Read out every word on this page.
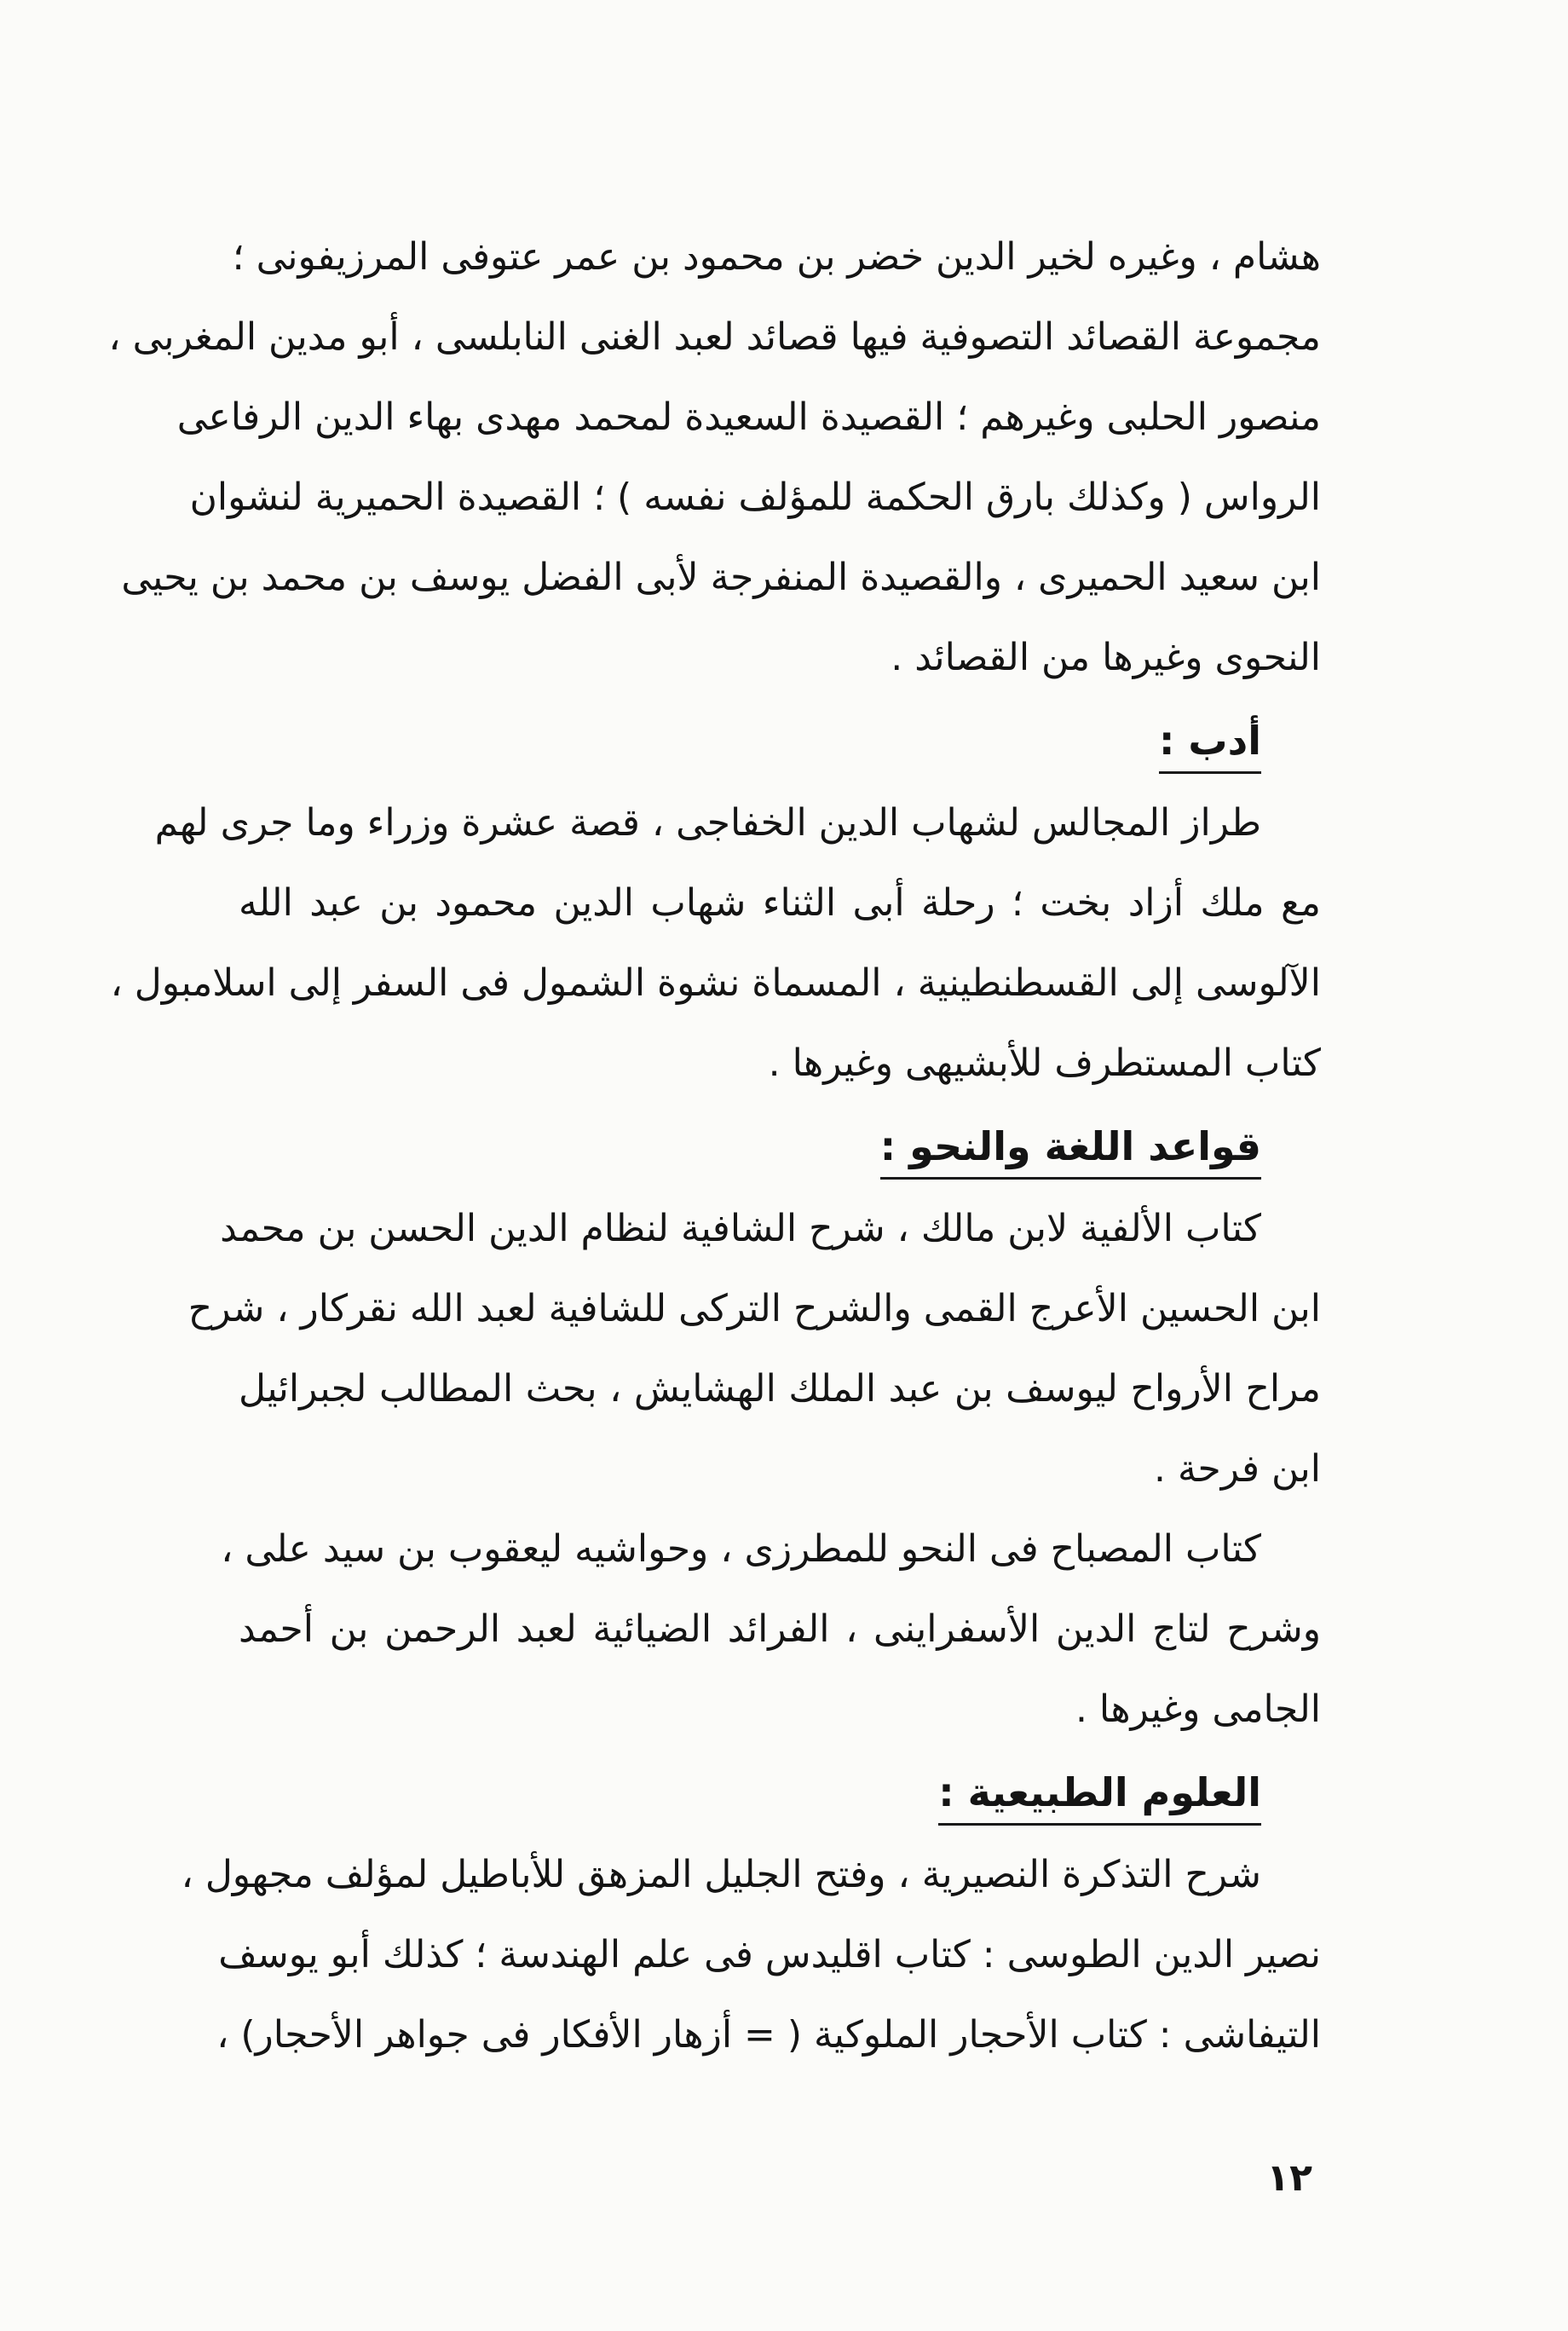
هشام ، وغيره لخير الدين خضر بن محمود بن عمر عتوفى المرزيفونى ؛
مجموعة القصائد التصوفية فيها قصائد لعبد الغنى النابلسى ، أبو مدين المغربى ،
منصور الحلبى وغيرهم ؛ القصيدة السعيدة لمحمد مهدى بهاء الدين الرفاعى
الرواس ( وكذلك بارق الحكمة للمؤلف نفسه ) ؛ القصيدة الحميرية لنشوان
ابن سعيد الحميرى ، والقصيدة المنفرجة لأبى الفضل يوسف بن محمد بن يحيى
النحوى وغيرها من القصائد .
أدب :
طراز المجالس لشهاب الدين الخفاجى ، قصة عشرة وزراء وما جرى لهم
مع ملك أزاد بخت ؛ رحلة أبى الثناء شهاب الدين محمود بن عبد الله
الآلوسى إلى القسطنطينية ، المسماة نشوة الشمول فى السفر إلى اسلامبول ،
كتاب المستطرف للأبشيهى وغيرها .
قواعد اللغة والنحو :
كتاب الألفية لابن مالك ، شرح الشافية لنظام الدين الحسن بن محمد
ابن الحسين الأعرج القمى والشرح التركى للشافية لعبد الله نقركار ، شرح
مراح الأرواح ليوسف بن عبد الملك الهشايش ، بحث المطالب لجبرائيل
ابن فرحة .
كتاب المصباح فى النحو للمطرزى ، وحواشيه ليعقوب بن سيد على ،
وشرح لتاج الدين الأسفراينى ، الفرائد الضيائية لعبد الرحمن بن أحمد
الجامى وغيرها .
العلوم الطبيعية :
شرح التذكرة النصيرية ، وفتح الجليل المزهق للأباطيل لمؤلف مجهول ،
نصير الدين الطوسى : كتاب اقليدس فى علم الهندسة ؛ كذلك أبو يوسف
التيفاشى : كتاب الأحجار الملوكية ( = أزهار الأفكار فى جواهر الأحجار) ،
١٢
